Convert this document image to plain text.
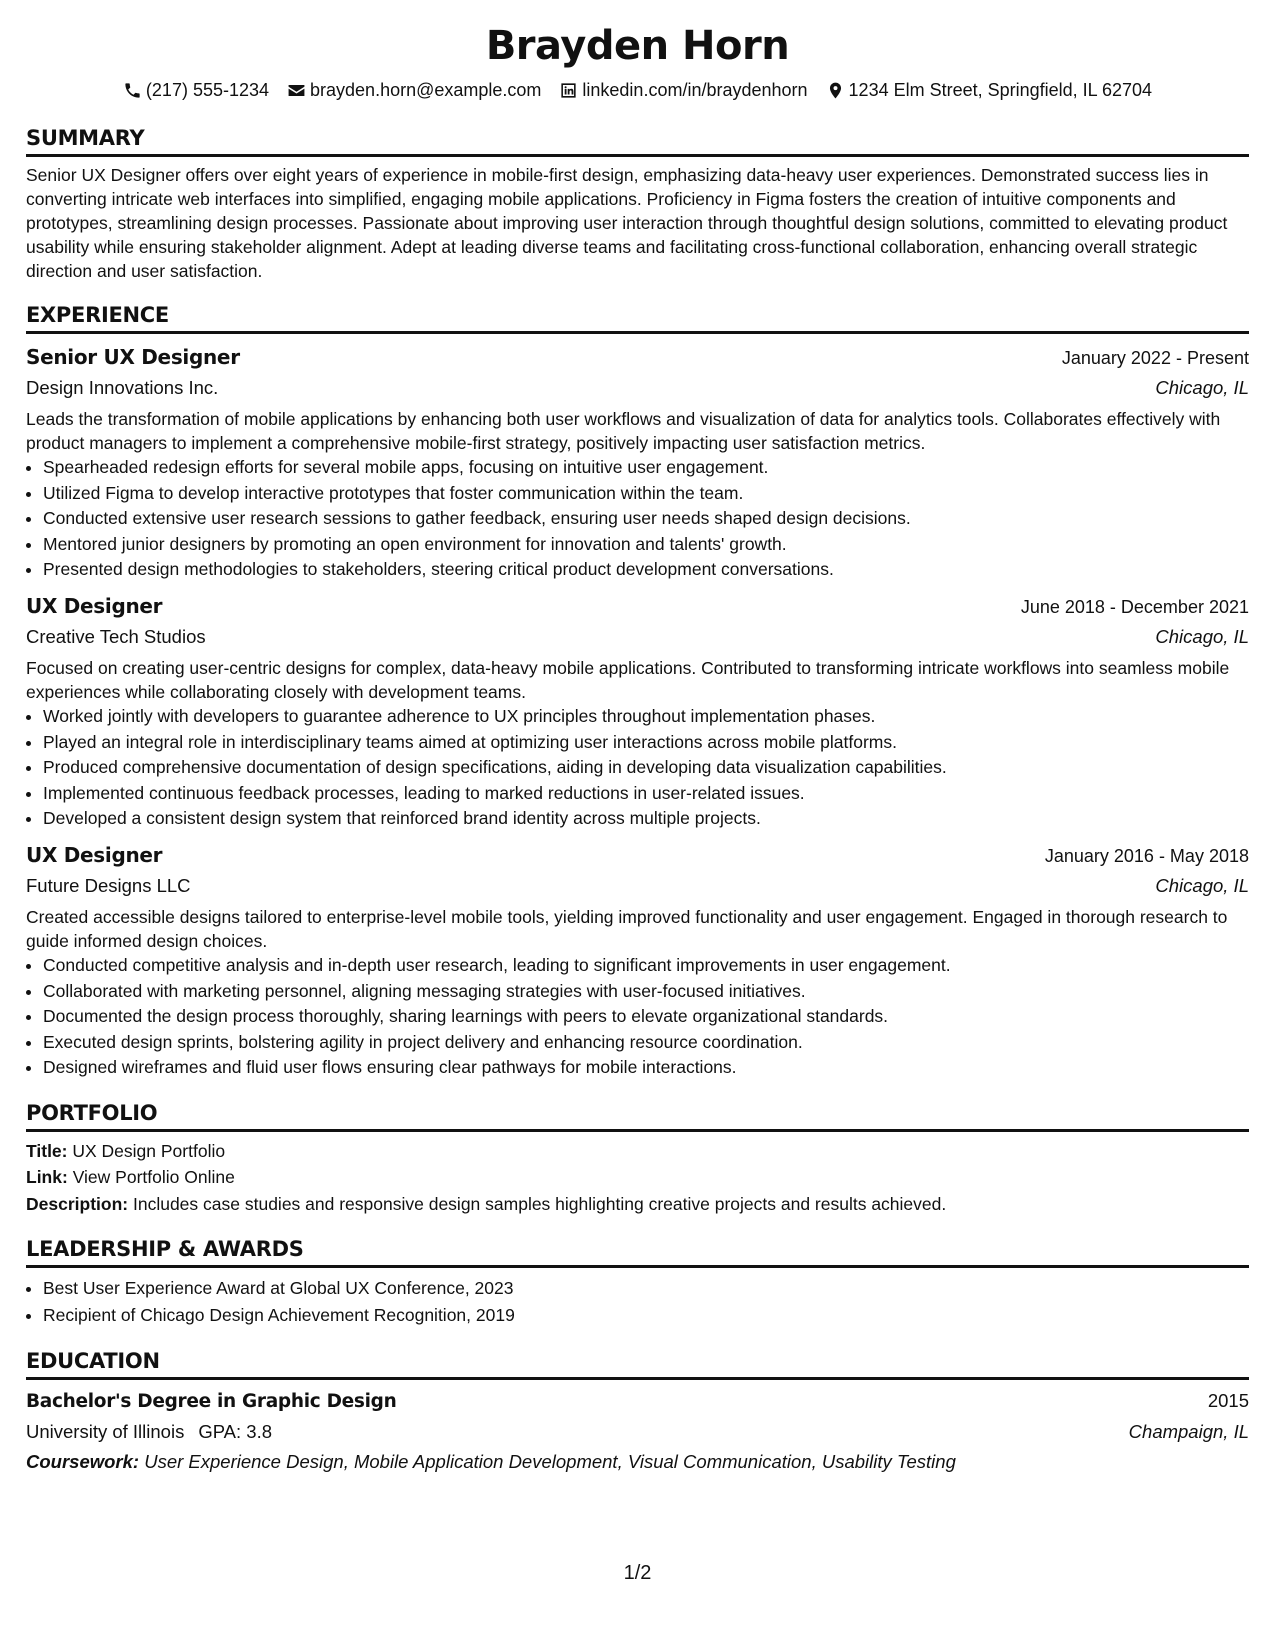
Brayden Horn
(217) 555-1234 brayden.horn@example.com linkedin.com/in/braydenhorn 1234 Elm Street, Springfield, IL 62704
SUMMARY

Senior UX Designer offers over eight years of experience in mobile-first design, emphasizing data-heavy user experiences. Demonstrated success lies in converting intricate web interfaces into simplified, engaging mobile applications. Proficiency in Figma fosters the creation of intuitive components and prototypes, streamlining design processes. Passionate about improving user interaction through thoughtful design solutions, committed to elevating product usability while ensuring stakeholder alignment. Adept at leading diverse teams and facilitating cross-functional collaboration, enhancing overall strategic direction and user satisfaction.

EXPERIENCE
Senior UX Designer	January 2022 - Present
Design Innovations Inc.	Chicago, IL
Leads the transformation of mobile applications by enhancing both user workflows and visualization of data for analytics tools. Collaborates effectively with product managers to implement a comprehensive mobile-first strategy, positively impacting user satisfaction metrics.
• Spearheaded redesign efforts for several mobile apps, focusing on intuitive user engagement.
• Utilized Figma to develop interactive prototypes that foster communication within the team.
• Conducted extensive user research sessions to gather feedback, ensuring user needs shaped design decisions.
• Mentored junior designers by promoting an open environment for innovation and talents' growth.
• Presented design methodologies to stakeholders, steering critical product development conversations.
UX Designer	June 2018 - December 2021
Creative Tech Studios	Chicago, IL
Focused on creating user-centric designs for complex, data-heavy mobile applications. Contributed to transforming intricate workflows into seamless mobile experiences while collaborating closely with development teams.
• Worked jointly with developers to guarantee adherence to UX principles throughout implementation phases.
• Played an integral role in interdisciplinary teams aimed at optimizing user interactions across mobile platforms.
• Produced comprehensive documentation of design specifications, aiding in developing data visualization capabilities.
• Implemented continuous feedback processes, leading to marked reductions in user-related issues.
• Developed a consistent design system that reinforced brand identity across multiple projects.
UX Designer	January 2016 - May 2018
Future Designs LLC	Chicago, IL
Created accessible designs tailored to enterprise-level mobile tools, yielding improved functionality and user engagement. Engaged in thorough research to guide informed design choices.
• Conducted competitive analysis and in-depth user research, leading to significant improvements in user engagement.
• Collaborated with marketing personnel, aligning messaging strategies with user-focused initiatives.
• Documented the design process thoroughly, sharing learnings with peers to elevate organizational standards.
• Executed design sprints, bolstering agility in project delivery and enhancing resource coordination.
• Designed wireframes and fluid user flows ensuring clear pathways for mobile interactions.
PORTFOLIO
Title: UX Design Portfolio
Link: View Portfolio Online
Description: Includes case studies and responsive design samples highlighting creative projects and results achieved.
LEADERSHIP & AWARDS
• Best User Experience Award at Global UX Conference, 2023
• Recipient of Chicago Design Achievement Recognition, 2019
EDUCATION
Bachelor's Degree in Graphic Design	2015
University of Illinois GPA: 3.8	Champaign, IL
Coursework: User Experience Design, Mobile Application Development, Visual Communication, Usability Testing
1/2
